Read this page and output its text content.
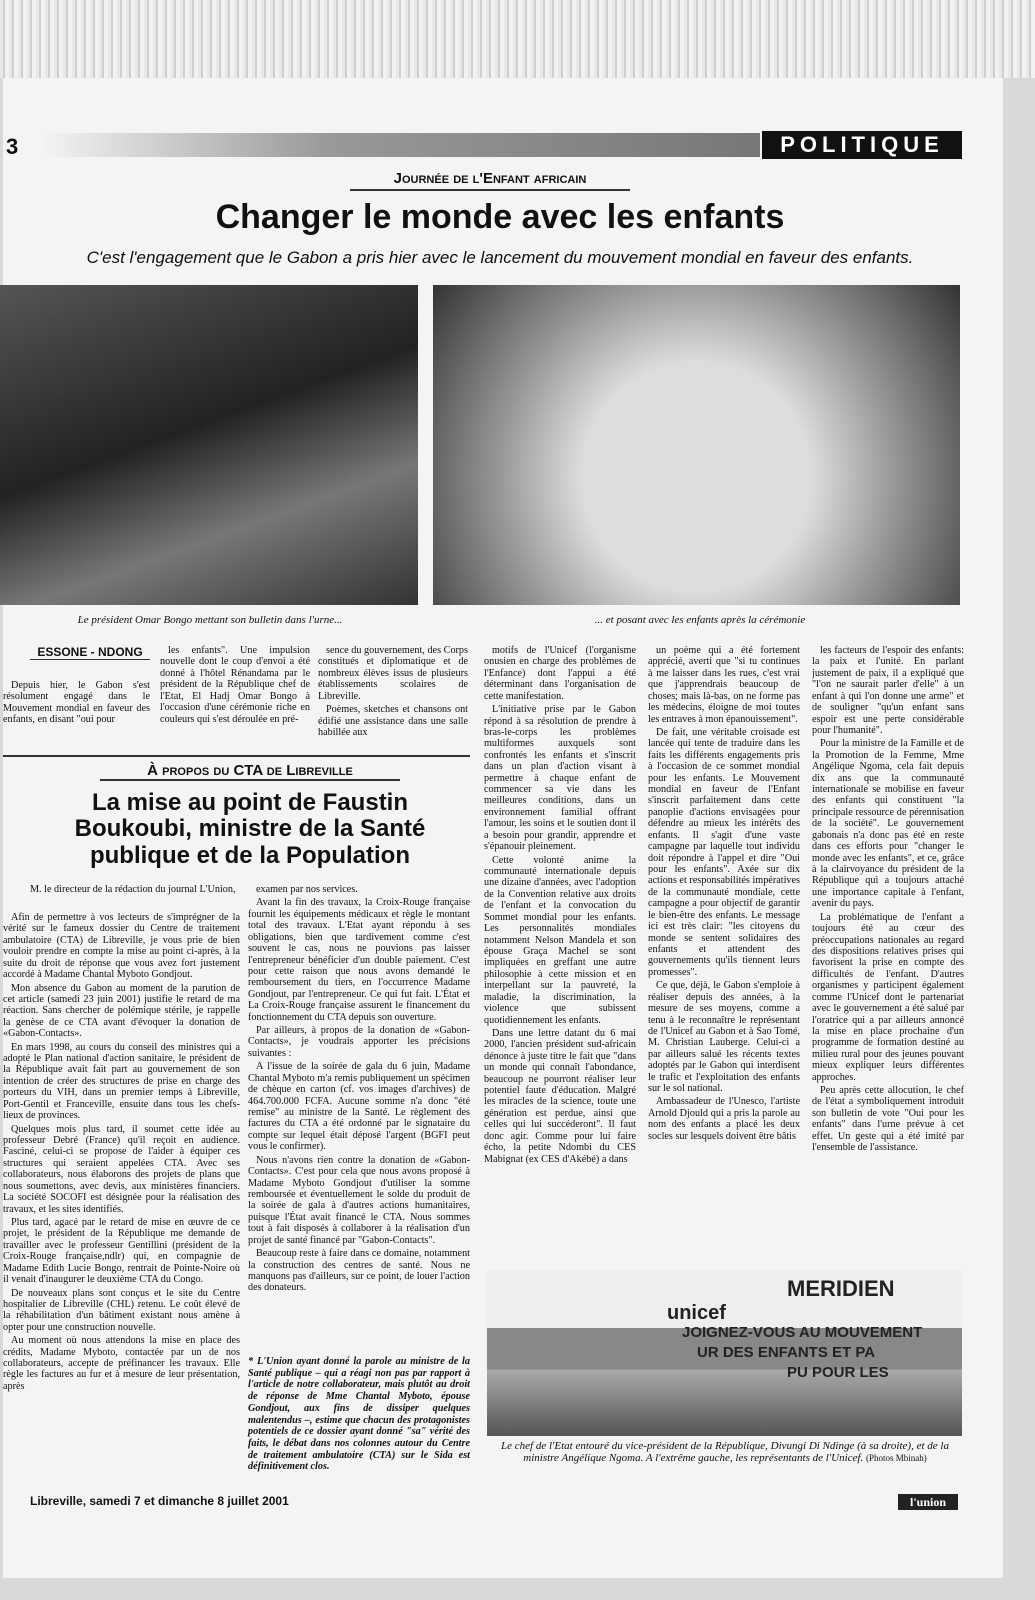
3	POLITIQUE
Journée de l'Enfant africain
Changer le monde avec les enfants
C'est l'engagement que le Gabon a pris hier avec le lancement du mouvement mondial en faveur des enfants.
Le président Omar Bongo mettant son bulletin dans l'urne...	... et posant avec les enfants après la cérémonie
ESSONE - NDONG

Depuis hier, le Gabon s'est résolument engagé dans le Mouvement mondial en faveur des enfants, en disant "oui pour

les enfants". Une impulsion nouvelle dont le coup d'envoi a été donné à l'hôtel Rénandama par le président de la République chef de l'Etat, El Hadj Omar Bongo à l'occasion d'une cérémonie riche en couleurs qui s'est déroulée en pré-

sence du gouvernement, des Corps constitués et diplomatique et de nombreux élèves issus de plusieurs établissements scolaires de Libreville.

Poèmes, sketches et chansons ont édifié une assistance dans une salle habillée aux

motifs de l'Unicef (l'organisme onusien en charge des problèmes de l'Enfance) dont l'appui a été déterminant dans l'organisation de cette manifestation.

L'initiative prise par le Gabon répond à sa résolution de prendre à bras-le-corps les problèmes multiformes auxquels sont confrontés les enfants et s'inscrit dans un plan d'action visant à permettre à chaque enfant de commencer sa vie dans les meilleures conditions, dans un environnement familial offrant l'amour, les soins et le soutien dont il a besoin pour grandir, apprendre et s'épanouir pleinement.

Cette volonté anime la communauté internationale depuis une dizaine d'années, avec l'adoption de la Convention relative aux droits de l'enfant et la convocation du Sommet mondial pour les enfants. Les personnalités mondiales notamment Nelson Mandela et son épouse Graça Machel se sont impliquées en greffant une autre philosophie à cette mission et en interpellant sur la pauvreté, la maladie, la discrimination, la violence que subissent quotidiennement les enfants.

Dans une lettre datant du 6 mai 2000, l'ancien président sud-africain dénonce à juste titre le fait que "dans un monde qui connaît l'abondance, beaucoup ne pourront réaliser leur potentiel faute d'éducation. Malgré les miracles de la science, toute une génération est perdue, ainsi que celles qui lui succéderont". Il faut donc agir. Comme pour lui faire écho, la petite Ndombi du CES Mabignat (ex CES d'Akébé) a dans

un poème qui a été fortement apprécié, averti que "si tu continues à me laisser dans les rues, c'est vrai que j'apprendrais beaucoup de choses; mais là-bas, on ne forme pas les médecins, éloigne de moi toutes les entraves à mon épanouissement".

De fait, une véritable croisade est lancée qui tente de traduire dans les faits les différents engagements pris à l'occasion de ce sommet mondial pour les enfants. Le Mouvement mondial en faveur de l'Enfant s'inscrit parfaitement dans cette panoplie d'actions envisagées pour défendre au mieux les intérêts des enfants. Il s'agit d'une vaste campagne par laquelle tout individu doit répondre à l'appel et dire "Oui pour les enfants". Axée sur dix actions et responsabilités impératives de la communauté mondiale, cette campagne a pour objectif de garantir le bien-être des enfants. Le message ici est très clair: "les citoyens du monde se sentent solidaires des enfants et attendent des gouvernements qu'ils tiennent leurs promesses".

Ce que, déjà, le Gabon s'emploie à réaliser depuis des années, à la mesure de ses moyens, comme a tenu à le reconnaître le représentant de l'Unicef au Gabon et à Sao Tomé, M. Christian Lauberge. Celui-ci a par ailleurs salué les récents textes adoptés par le Gabon qui interdisent le trafic et l'exploitation des enfants sur le sol national.

Ambassadeur de l'Unesco, l'artiste Arnold Djould qui a pris la parole au nom des enfants a placé les deux socles sur lesquels doivent être bâtis

les facteurs de l'espoir des enfants: la paix et l'unité. En parlant justement de paix, il a expliqué que "l'on ne saurait parler d'elle" à un enfant à qui l'on donne une arme" et de souligner "qu'un enfant sans espoir est une perte considérable pour l'humanité".

Pour la ministre de la Famille et de la Promotion de la Femme, Mme Angélique Ngoma, cela fait depuis dix ans que la communauté internationale se mobilise en faveur des enfants qui constituent "la principale ressource de pérennisation de la société". Le gouvernement gabonais n'a donc pas été en reste dans ces efforts pour "changer le monde avec les enfants", et ce, grâce à la clairvoyance du président de la République qui a toujours attaché une importance capitale à l'enfant, avenir du pays.

La problématique de l'enfant a toujours été au cœur des préoccupations nationales au regard des dispositions relatives prises qui favorisent la prise en compte des difficultés de l'enfant. D'autres organismes y participent également comme l'Unicef dont le partenariat avec le gouvernement a été salué par l'oratrice qui a par ailleurs annoncé la mise en place prochaine d'un programme de formation destiné au milieu rural pour des jeunes pouvant mieux expliquer leurs différentes approches.

Peu après cette allocution, le chef de l'état a symboliquement introduit son bulletin de vote "Oui pour les enfants" dans l'urne prévue à cet effet. Un geste qui a été imité par l'ensemble de l'assistance.

À propos du CTA de Libreville
La mise au point de Faustin Boukoubi, ministre de la Santé publique et de la Population

M. le directeur de la rédaction du journal L'Union,

Afin de permettre à vos lecteurs de s'imprégner de la vérité sur le fameux dossier du Centre de traitement ambulatoire (CTA) de Libreville, je vous prie de bien vouloir prendre en compte la mise au point ci-après, à la suite du droit de réponse que vous avez fort justement accordé à Madame Chantal Myboto Gondjout.

Mon absence du Gabon au moment de la parution de cet article (samedi 23 juin 2001) justifie le retard de ma réaction. Sans chercher de polémique stérile, je rappelle la genèse de ce CTA avant d'évoquer la donation de «Gabon-Contacts».

En mars 1998, au cours du conseil des ministres qui a adopté le Plan national d'action sanitaire, le président de la République avait fait part au gouvernement de son intention de créer des structures de prise en charge des porteurs du VIH, dans un premier temps à Libreville, Port-Gentil et Franceville, ensuite dans tous les chefs-lieux de provinces.

Quelques mois plus tard, il soumet cette idée au professeur Debré (France) qu'il reçoit en audience. Fasciné, celui-ci se propose de l'aider à équiper ces structures qui seraient appelées CTA. Avec ses collaborateurs, nous élaborons des projets de plans que nous soumettons, avec devis, aux ministères financiers. La société SOCOFI est désignée pour la réalisation des travaux, et les sites identifiés.

Plus tard, agacé par le retard de mise en œuvre de ce projet, le président de la République me demande de travailler avec le professeur Gentillini (président de la Croix-Rouge française,ndlr) qui, en compagnie de Madame Edith Lucie Bongo, rentrait de Pointe-Noire où il venait d'inaugurer le deuxième CTA du Congo.

De nouveaux plans sont conçus et le site du Centre hospitalier de Libreville (CHL) retenu. Le coût élevé de la réhabilitation d'un bâtiment existant nous amène à opter pour une construction nouvelle.

Au moment où nous attendons la mise en place des crédits, Madame Myboto, contactée par un de nos collaborateurs, accepte de préfinancer les travaux. Elle règle les factures au fur et à mesure de leur présentation, après

examen par nos services.

Avant la fin des travaux, la Croix-Rouge française fournit les équipements médicaux et règle le montant total des travaux. L'Etat ayant répondu à ses obligations, bien que tardivement comme c'est souvent le cas, nous ne pouvions pas laisser l'entrepreneur bénéficier d'un double paiement. C'est pour cette raison que nous avons demandé le remboursement du tiers, en l'occurrence Madame Gondjout, par l'entrepreneur. Ce qui fut fait. L'État et La Croix-Rouge française assurent le financement du fonctionnement du CTA depuis son ouverture.

Par ailleurs, à propos de la donation de «Gabon-Contacts», je voudrais apporter les précisions suivantes :

A l'issue de la soirée de gala du 6 juin, Madame Chantal Myboto m'a remis publiquement un spécimen de chèque en carton (cf. vos images d'archives) de 464.700.000 FCFA. Aucune somme n'a donc "été remise" au ministre de la Santé. Le règlement des factures du CTA a été ordonné par le signataire du compte sur lequel était déposé l'argent (BGFI peut vous le confirmer).

Nous n'avons rien contre la donation de «Gabon-Contacts». C'est pour cela que nous avons proposé à Madame Myboto Gondjout d'utiliser la somme remboursée et éventuellement le solde du produit de la soirée de gala à d'autres actions humanitaires, puisque l'État avait financé le CTA. Nous sommes tout à fait disposés à collaborer à la réalisation d'un projet de santé financé par "Gabon-Contacts".

Beaucoup reste à faire dans ce domaine, notamment la construction des centres de santé. Nous ne manquons pas d'ailleurs, sur ce point, de louer l'action des donateurs.

* L'Union ayant donné la parole au ministre de la Santé publique – qui a réagi non pas par rapport à l'article de notre collaborateur, mais plutôt au droit de réponse de Mme Chantal Myboto, épouse Gondjout, aux fins de dissiper quelques malentendus –, estime que chacun des protagonistes potentiels de ce dossier ayant donné "sa" vérité des faits, le débat dans nos colonnes autour du Centre de traitement ambulatoire (CTA) sur le Sida est définitivement clos.
unicef
MERIDIEN
JOIGNEZ-VOUS AU MOUVEMENT
UR DES ENFANTS ET PA
PU POUR LES
Le chef de l'Etat entouré du vice-président de la République, Divungi Di Ndinge (à sa droite), et de la ministre Angélique Ngoma. A l'extrême gauche, les représentants de l'Unicef. (Photos Mbinah)
Libreville, samedi 7 et dimanche 8 juillet 2001	l'union
